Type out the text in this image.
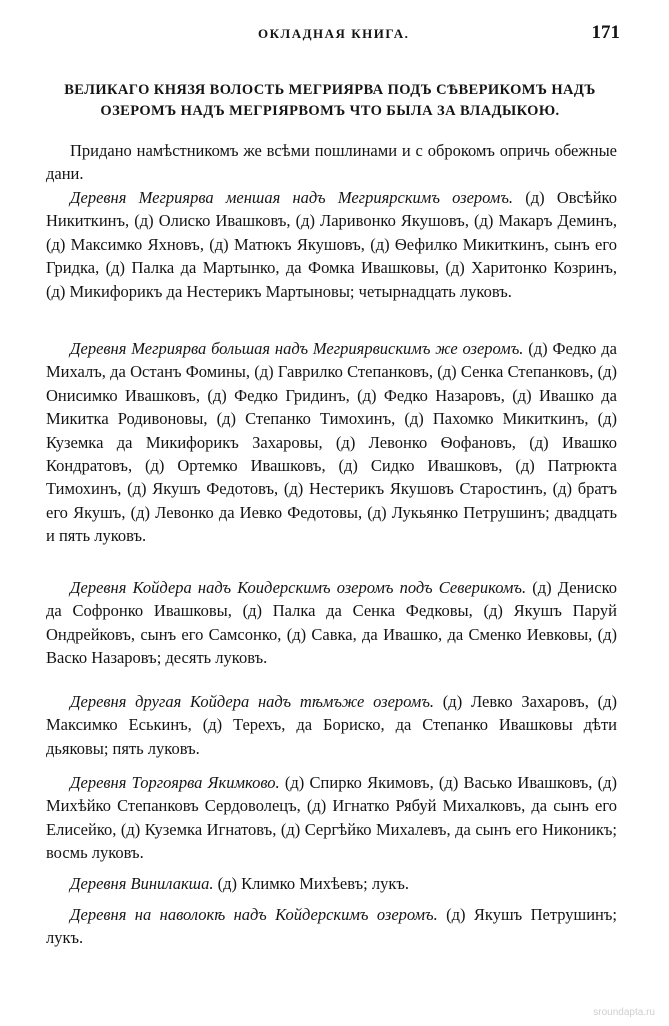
ОКЛАДНАЯ КНИГА.	171
ВЕЛИКАГО КНЯЗЯ ВОЛОСТЬ МЕГРИЯРВА ПОДЪ СѢВЕРИКОМЪ НАДЪ ОЗЕРОМЪ НАДЪ МЕГРІЯРВОМЪ ЧТО БЫЛА ЗА ВЛАДЫКОЮ.

Придано намѣстникомъ же всѣми пошлинами и с оброкомъ опричь обежные дани.

Деревня Мегриярва меншая надъ Мегриярскимъ озеромъ. (д) Овсѣйко Никиткинъ, (д) Олиско Ивашковъ, (д) Ларивонко Якушовъ, (д) Макаръ Деминъ, (д) Максимко Яхновъ, (д) Матюкъ Якушовъ, (д) Ѳефилко Микиткинъ, сынъ его Гридка, (д) Палка да Мартынко, да Фомка Ивашковы, (д) Харитонко Козринъ, (д) Микифорикъ да Нестерикъ Мартыновы; четырнадцать луковъ.

Деревня Мегриярва большая надъ Мегриярвискимъ же озеромъ. (д) Федко да Михалъ, да Останъ Фомины, (д) Гаврилко Степанковъ, (д) Сенка Степанковъ, (д) Онисимко Ивашковъ, (д) Федко Гридинъ, (д) Федко Назаровъ, (д) Ивашко да Микитка Родивоновы, (д) Степанко Тимохинъ, (д) Пахомко Микиткинъ, (д) Куземка да Микифорикъ Захаровы, (д) Левонко Ѳофановъ, (д) Ивашко Кондратовъ, (д) Ортемко Ивашковъ, (д) Сидко Ивашковъ, (д) Патрюкта Тимохинъ, (д) Якушъ Федотовъ, (д) Нестерикъ Якушовъ Старостинъ, (д) братъ его Якушъ, (д) Левонко да Иевко Федотовы, (д) Лукьянко Петрушинъ; двадцать и пять луковъ.

Деревня Койдера надъ Коидерскимъ озеромъ подъ Северикомъ. (д) Дениско да Софронко Ивашковы, (д) Палка да Сенка Федковы, (д) Якушъ Паруй Ондрейковъ, сынъ его Самсонко, (д) Савка, да Ивашко, да Сменко Иевковы, (д) Васко Назаровъ; десять луковъ.

Деревня другая Койдера надъ тѣмъже озеромъ. (д) Левко Захаровъ, (д) Максимко Еськинъ, (д) Терехъ, да Бориско, да Степанко Ивашковы дѣти дьяковы; пять луковъ.

Деревня Торгоярва Якимково. (д) Спирко Якимовъ, (д) Васько Ивашковъ, (д) Михѣйко Степанковъ Сердоволецъ, (д) Игнатко Рябуй Михалковъ, да сынъ его Елисейко, (д) Куземка Игнатовъ, (д) Сергѣйко Михалевъ, да сынъ его Никоникъ; восмь луковъ.

Деревня Винилакша. (д) Климко Михѣевъ; лукъ.

Деревня на наволокѣ надъ Койдерскимъ озеромъ. (д) Якушъ Петрушинъ; лукъ.

sroundapta.ru
